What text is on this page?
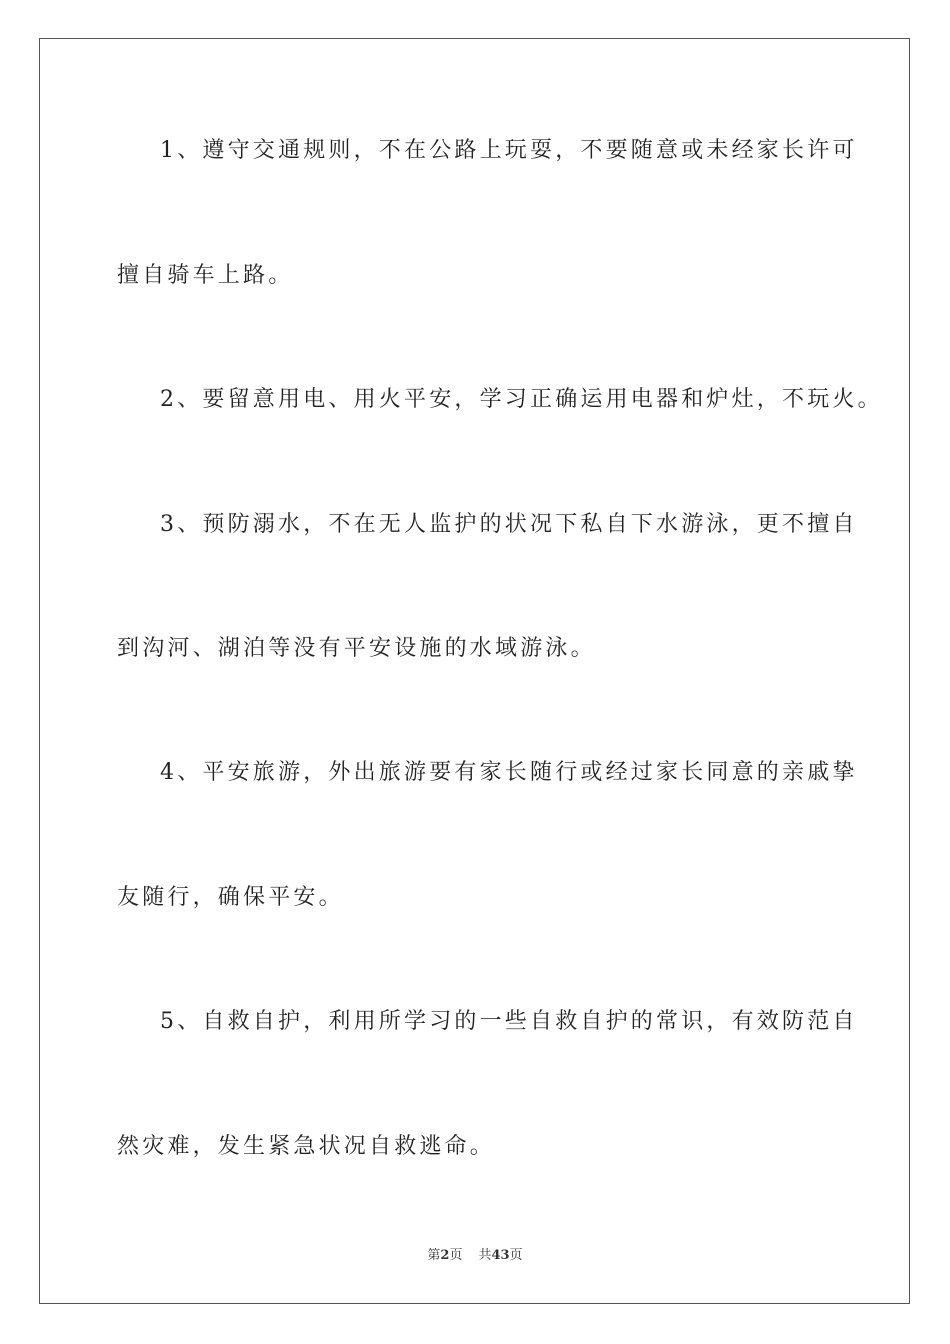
1、遵守交通规则，不在公路上玩耍，不要随意或未经家长许可
擅自骑车上路。
2、要留意用电、用火平安，学习正确运用电器和炉灶，不玩火。
3、预防溺水，不在无人监护的状况下私自下水游泳，更不擅自
到沟河、湖泊等没有平安设施的水域游泳。
4、平安旅游，外出旅游要有家长随行或经过家长同意的亲戚挚
友随行，确保平安。
5、自救自护，利用所学习的一些自救自护的常识，有效防范自
然灾难，发生紧急状况自救逃命。
第2页 共43页
